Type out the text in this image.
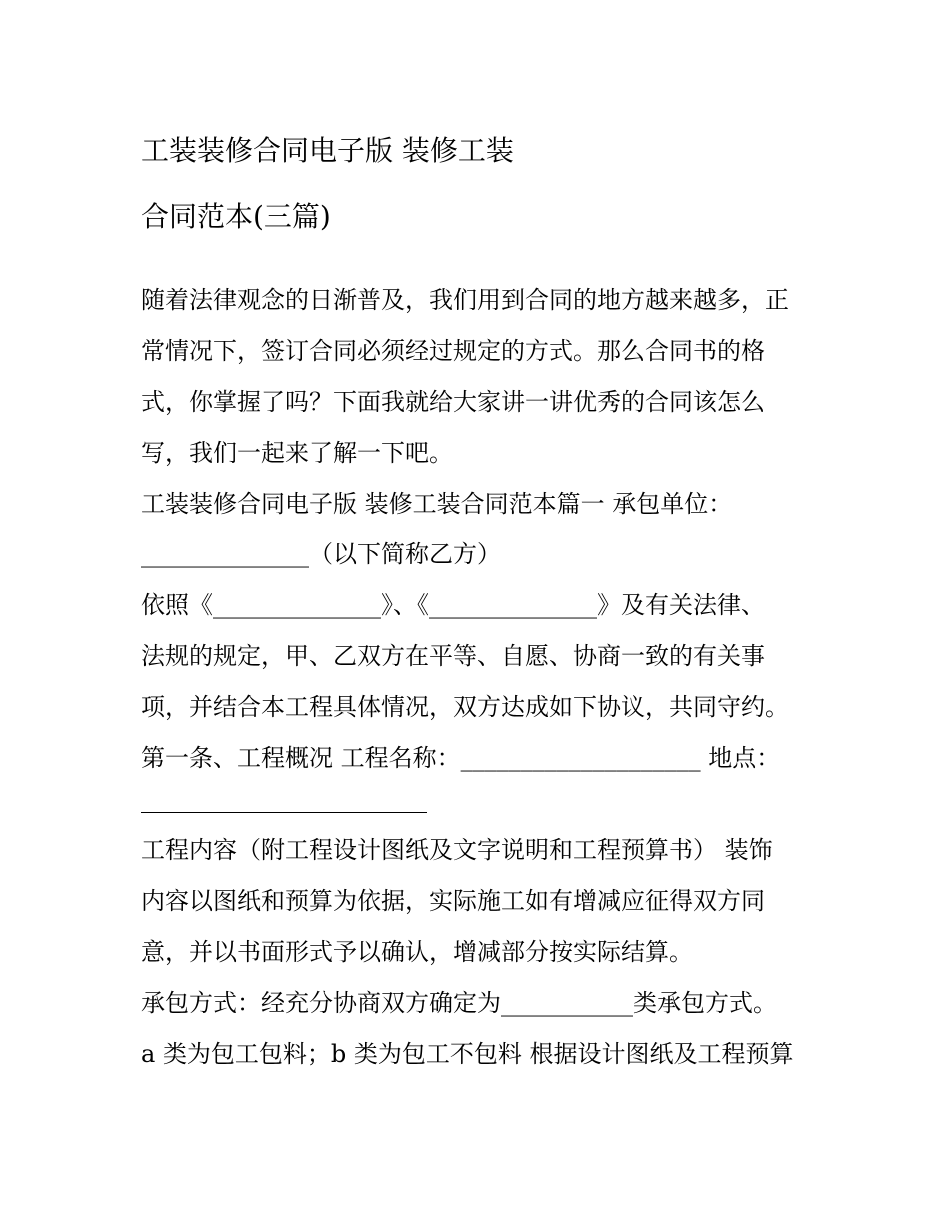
工装装修合同电子版 装修工装
合同范本(三篇)

随着法律观念的日渐普及，我们用到合同的地方越来越多，正

常情况下，签订合同必须经过规定的方式。那么合同书的格

式，你掌握了吗？下面我就给大家讲一讲优秀的合同该怎么

写，我们一起来了解一下吧。

工装装修合同电子版 装修工装合同范本篇一 承包单位：

______________（以下简称乙方）

依照《______________》、《______________》及有关法律、

法规的规定，甲、乙双方在平等、自愿、协商一致的有关事

项，并结合本工程具体情况，双方达成如下协议，共同守约。

第一条、工程概况 工程名称：____________________ 地点：

工程内容（附工程设计图纸及文字说明和工程预算书） 装饰

内容以图纸和预算为依据，实际施工如有增减应征得双方同

意，并以书面形式予以确认，增减部分按实际结算。

承包方式：经充分协商双方确定为___________类承包方式。

a 类为包工包料；b 类为包工不包料 根据设计图纸及工程预算
